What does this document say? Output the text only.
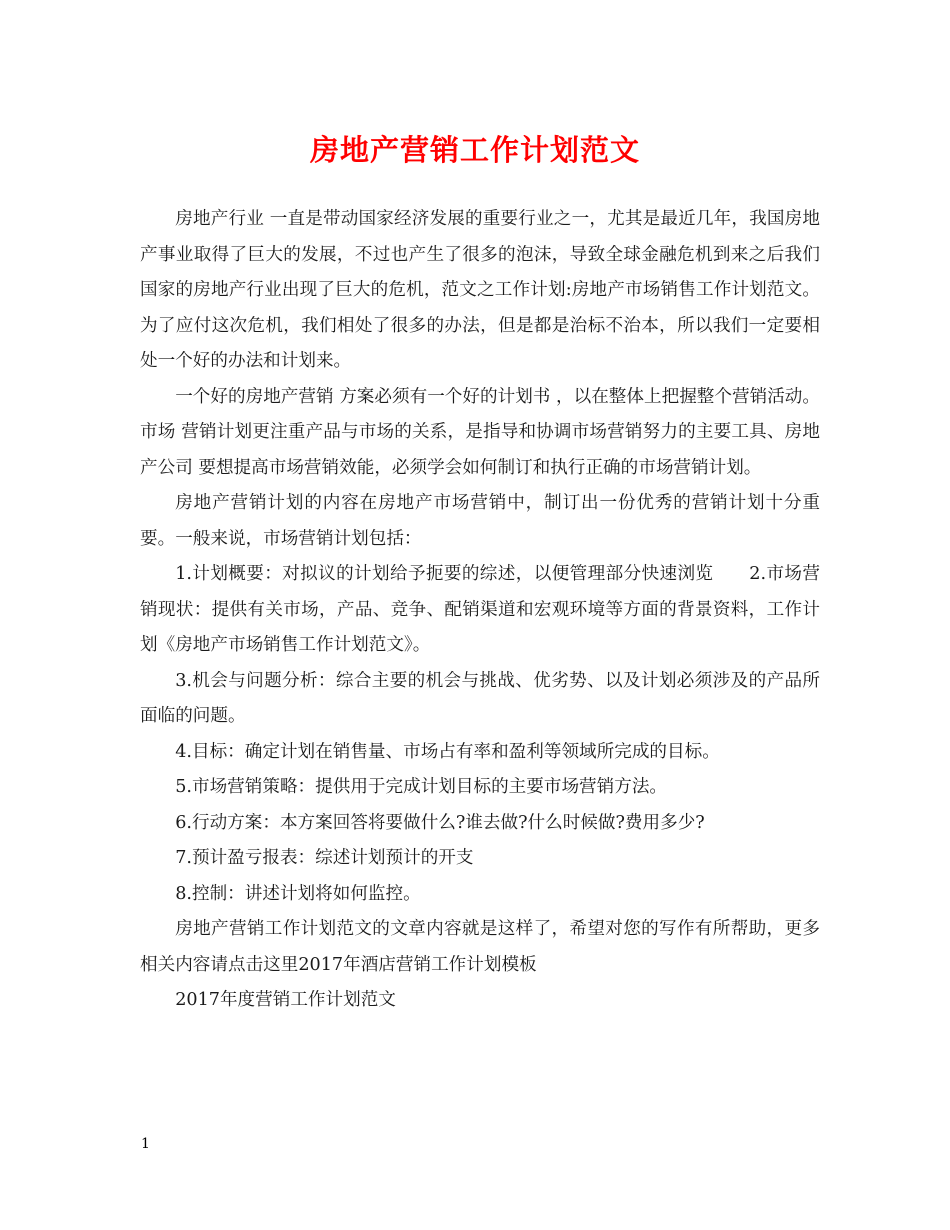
房地产营销工作计划范文

房地产行业 一直是带动国家经济发展的重要行业之一，尤其是最近几年，我国房地产事业取得了巨大的发展，不过也产生了很多的泡沫，导致全球金融危机到来之后我们国家的房地产行业出现了巨大的危机，范文之工作计划:房地产市场销售工作计划范文。为了应付这次危机，我们相处了很多的办法，但是都是治标不治本，所以我们一定要相处一个好的办法和计划来。

一个好的房地产营销 方案必须有一个好的计划书 ，以在整体上把握整个营销活动。市场 营销计划更注重产品与市场的关系，是指导和协调市场营销努力的主要工具、房地产公司 要想提高市场营销效能，必须学会如何制订和执行正确的市场营销计划。

房地产营销计划的内容在房地产市场营销中，制订出一份优秀的营销计划十分重要。一般来说，市场营销计划包括：

1.计划概要：对拟议的计划给予扼要的综述，以便管理部分快速浏览　　2.市场营销现状：提供有关市场，产品、竞争、配销渠道和宏观环境等方面的背景资料，工作计划《房地产市场销售工作计划范文》。

3.机会与问题分析：综合主要的机会与挑战、优劣势、以及计划必须涉及的产品所面临的问题。

4.目标：确定计划在销售量、市场占有率和盈利等领域所完成的目标。

5.市场营销策略：提供用于完成计划目标的主要市场营销方法。

6.行动方案：本方案回答将要做什么?谁去做?什么时候做?费用多少?

7.预计盈亏报表：综述计划预计的开支

8.控制：讲述计划将如何监控。

房地产营销工作计划范文的文章内容就是这样了，希望对您的写作有所帮助，更多相关内容请点击这里2017年酒店营销工作计划模板

2017年度营销工作计划范文

1
